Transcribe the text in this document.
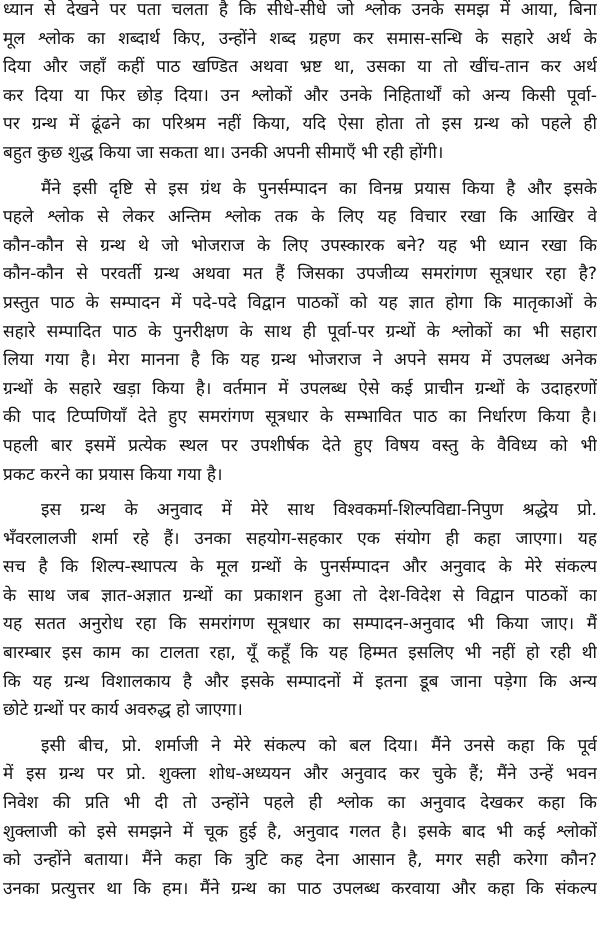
ध्यान से देखने पर पता चलता है कि सीधे-सीधे जो श्लोक उनके समझ में आया, बिना
मूल श्लोक का शब्दार्थ किए, उन्होंने शब्द ग्रहण कर समास-सन्धि के सहारे अर्थ के
दिया और जहाँ कहीं पाठ खण्डित अथवा भ्रष्ट था, उसका या तो खींच-तान कर अर्थ
कर दिया या फिर छोड़ दिया। उन श्लोकों और उनके निहितार्थों को अन्य किसी पूर्वा-
पर ग्रन्थ में ढूंढने का परिश्रम नहीं किया, यदि ऐसा होता तो इस ग्रन्थ को पहले ही
बहुत कुछ शुद्ध किया जा सकता था। उनकी अपनी सीमाएँ भी रही होंगी।
मैंने इसी दृष्टि से इस ग्रंथ के पुनर्सम्पादन का विनम्र प्रयास किया है और इसके
पहले श्लोक से लेकर अन्तिम श्लोक तक के लिए यह विचार रखा कि आखिर वे
कौन-कौन से ग्रन्थ थे जो भोजराज के लिए उपस्कारक बने? यह भी ध्यान रखा कि
कौन-कौन से परवर्ती ग्रन्थ अथवा मत हैं जिसका उपजीव्य समरांगण सूत्रधार रहा है?
प्रस्तुत पाठ के सम्पादन में पदे-पदे विद्वान पाठकों को यह ज्ञात होगा कि मातृकाओं के
सहारे सम्पादित पाठ के पुनरीक्षण के साथ ही पूर्वा-पर ग्रन्थों के श्लोकों का भी सहारा
लिया गया है। मेरा मानना है कि यह ग्रन्थ भोजराज ने अपने समय में उपलब्ध अनेक
ग्रन्थों के सहारे खड़ा किया है। वर्तमान में उपलब्ध ऐसे कई प्राचीन ग्रन्थों के उदाहरणों
की पाद टिप्पणियाँ देते हुए समरांगण सूत्रधार के सम्भावित पाठ का निर्धारण किया है।
पहली बार इसमें प्रत्येक स्थल पर उपशीर्षक देते हुए विषय वस्तु के वैविध्य को भी
प्रकट करने का प्रयास किया गया है।
इस ग्रन्थ के अनुवाद में मेरे साथ विश्वकर्मा-शिल्पविद्या-निपुण श्रद्धेय प्रो.
भँवरलालजी शर्मा रहे हैं। उनका सहयोग-सहकार एक संयोग ही कहा जाएगा। यह
सच है कि शिल्प-स्थापत्य के मूल ग्रन्थों के पुनर्सम्पादन और अनुवाद के मेरे संकल्प
के साथ जब ज्ञात-अज्ञात ग्रन्थों का प्रकाशन हुआ तो देश-विदेश से विद्वान पाठकों का
यह सतत अनुरोध रहा कि समरांगण सूत्रधार का सम्पादन-अनुवाद भी किया जाए। मैं
बारम्बार इस काम का टालता रहा, यूँ कहूँ कि यह हिम्मत इसलिए भी नहीं हो रही थी
कि यह ग्रन्थ विशालकाय है और इसके सम्पादनों में इतना डूब जाना पड़ेगा कि अन्य
छोटे ग्रन्थों पर कार्य अवरुद्ध हो जाएगा।
इसी बीच, प्रो. शर्माजी ने मेरे संकल्प को बल दिया। मैंने उनसे कहा कि पूर्व
में इस ग्रन्थ पर प्रो. शुक्ला शोध-अध्ययन और अनुवाद कर चुके हैं; मैंने उन्हें भवन
निवेश की प्रति भी दी तो उन्होंने पहले ही श्लोक का अनुवाद देखकर कहा कि
शुक्लाजी को इसे समझने में चूक हुई है, अनुवाद गलत है। इसके बाद भी कई श्लोकों
को उन्होंने बताया। मैंने कहा कि त्रुटि कह देना आसान है, मगर सही करेगा कौन?
उनका प्रत्युत्तर था कि हम। मैंने ग्रन्थ का पाठ उपलब्ध करवाया और कहा कि संकल्प
